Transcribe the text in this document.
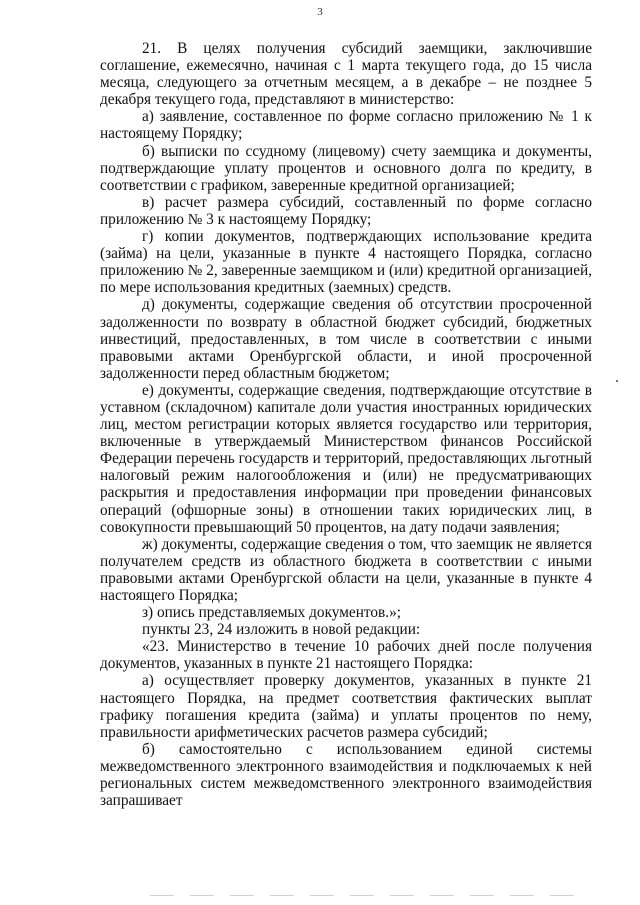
3

21. В целях получения субсидий заемщики, заключившие соглашение, ежемесячно, начиная с 1 марта текущего года, до 15 числа месяца, следующего за отчетным месяцем, а в декабре – не позднее 5 декабря текущего года, представляют в министерство:

а) заявление, составленное по форме согласно приложению № 1 к настоящему Порядку;

б) выписки по ссудному (лицевому) счету заемщика и документы, подтверждающие уплату процентов и основного долга по кредиту, в соответствии с графиком, заверенные кредитной организацией;

в) расчет размера субсидий, составленный по форме согласно приложению № 3 к настоящему Порядку;

г) копии документов, подтверждающих использование кредита (займа) на цели, указанные в пункте 4 настоящего Порядка, согласно приложению № 2, заверенные заемщиком и (или) кредитной организацией, по мере использования кредитных (заемных) средств.

д) документы, содержащие сведения об отсутствии просроченной задолженности по возврату в областной бюджет субсидий, бюджетных инвестиций, предоставленных, в том числе в соответствии с иными правовыми актами Оренбургской области, и иной просроченной задолженности перед областным бюджетом;

е) документы, содержащие сведения, подтверждающие отсутствие в уставном (складочном) капитале доли участия иностранных юридических лиц, местом регистрации которых является государство или территория, включенные в утверждаемый Министерством финансов Российской Федерации перечень государств и территорий, предоставляющих льготный налоговый режим налогообложения и (или) не предусматривающих раскрытия и предоставления информации при проведении финансовых операций (офшорные зоны) в отношении таких юридических лиц, в совокупности превышающий 50 процентов, на дату подачи заявления;

ж) документы, содержащие сведения о том, что заемщик не является получателем средств из областного бюджета в соответствии с иными правовыми актами Оренбургской области на цели, указанные в пункте 4 настоящего Порядка;

з) опись представляемых документов.»;

пункты 23, 24 изложить в новой редакции:

«23. Министерство в течение 10 рабочих дней после получения документов, указанных в пункте 21 настоящего Порядка:

а) осуществляет проверку документов, указанных в пункте 21 настоящего Порядка, на предмет соответствия фактических выплат графику погашения кредита (займа) и уплаты процентов по нему, правильности арифметических расчетов размера субсидий;

б) самостоятельно с использованием единой системы межведомственного электронного взаимодействия и подключаемых к ней региональных систем межведомственного электронного взаимодействия запрашивает
